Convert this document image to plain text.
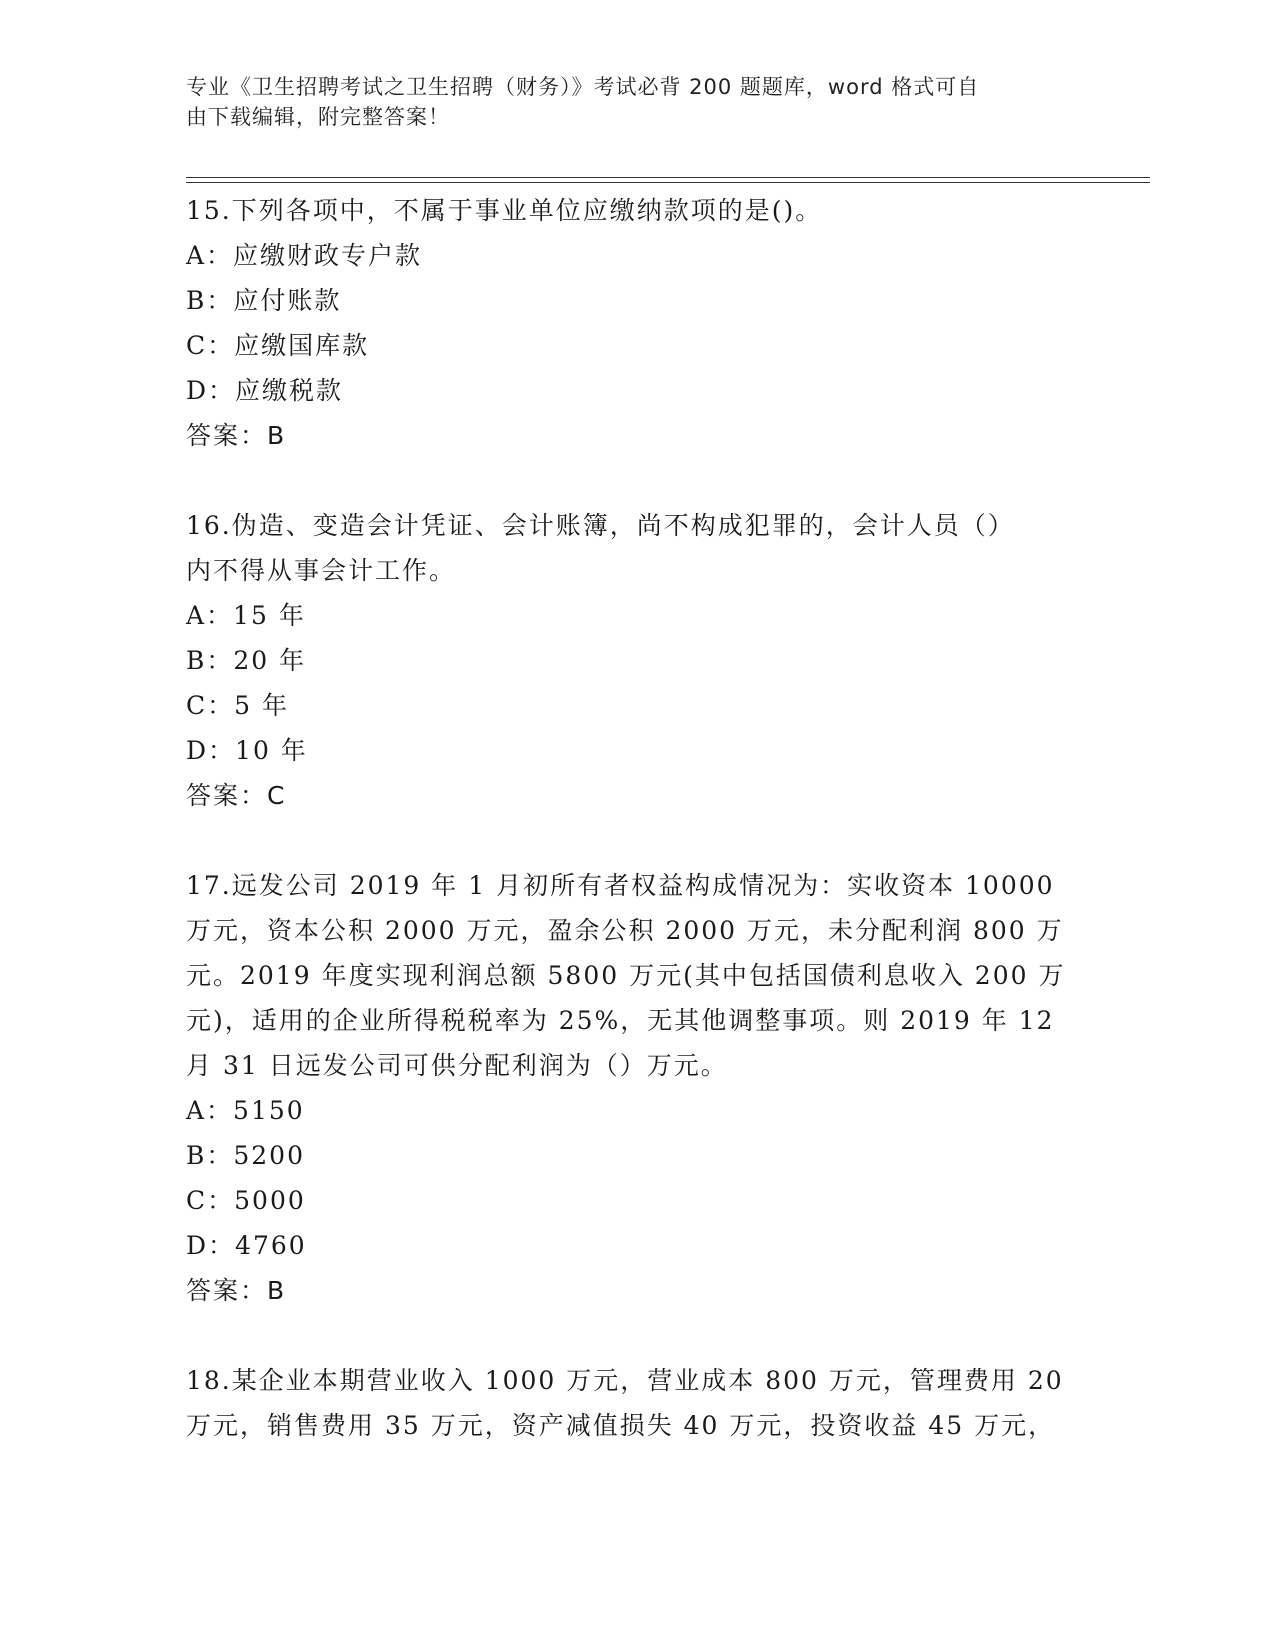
专业《卫生招聘考试之卫生招聘（财务）》考试必背 200 题题库，word 格式可自
由下载编辑，附完整答案！

15.下列各项中，不属于事业单位应缴纳款项的是()。

A：应缴财政专户款

B：应付账款

C：应缴国库款

D：应缴税款

答案：B

16.伪造、变造会计凭证、会计账簿，尚不构成犯罪的，会计人员（）

内不得从事会计工作。

A：15 年

B：20 年

C：5 年

D：10 年

答案：C

17.远发公司 2019 年 1 月初所有者权益构成情况为：实收资本 10000

万元，资本公积 2000 万元，盈余公积 2000 万元，未分配利润 800 万

元。2019 年度实现利润总额 5800 万元(其中包括国债利息收入 200 万

元)，适用的企业所得税税率为 25%，无其他调整事项。则 2019 年 12

月 31 日远发公司可供分配利润为（）万元。

A：5150

B：5200

C：5000

D：4760

答案：B

18.某企业本期营业收入 1000 万元，营业成本 800 万元，管理费用 20

万元，销售费用 35 万元，资产减值损失 40 万元，投资收益 45 万元，
